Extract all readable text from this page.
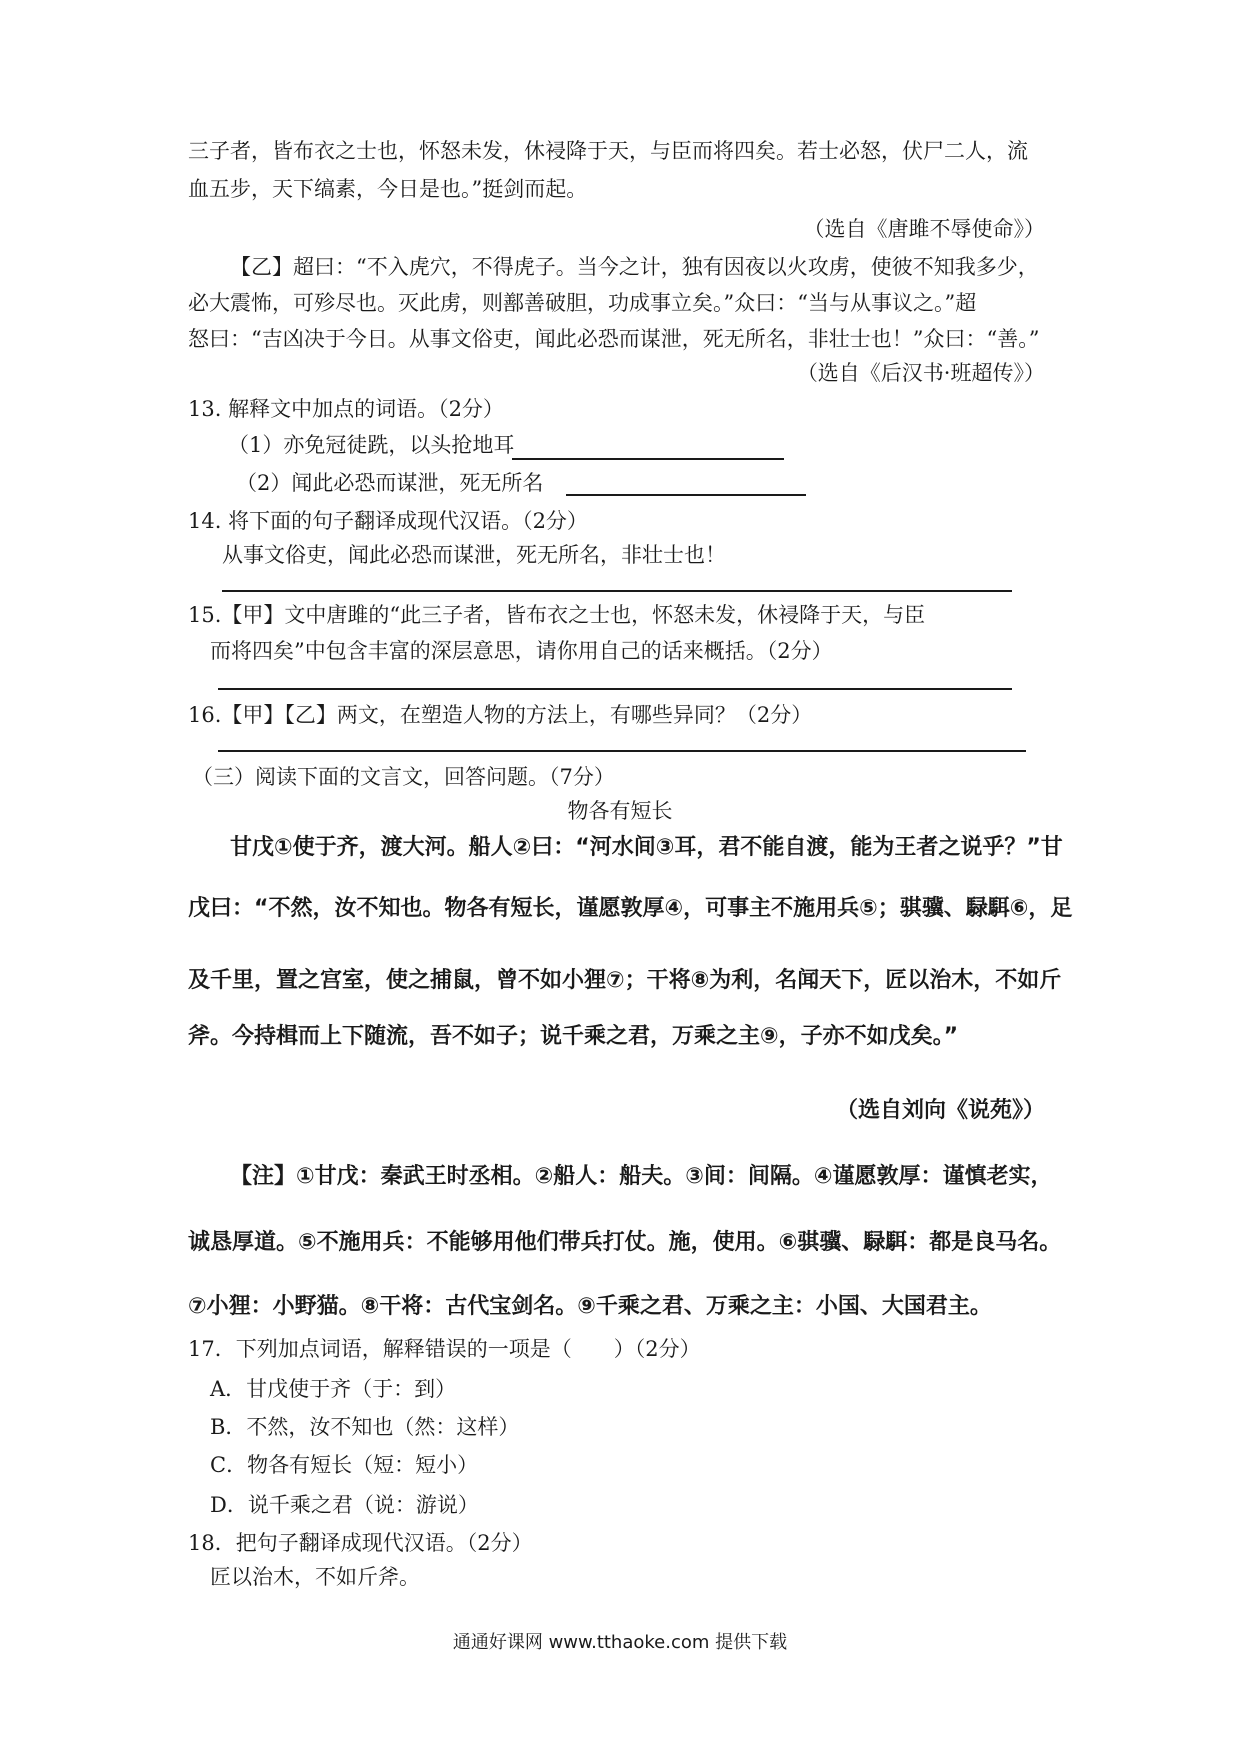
三子者，皆布衣之士也，怀怒未发，休祲降于天，与臣而将四矣。若士必怒，伏尸二人，流
血五步，天下缟素，今日是也。”挺剑而起。
（选自《唐雎不辱使命》）
【乙】超曰：“不入虎穴，不得虎子。当今之计，独有因夜以火攻虏，使彼不知我多少，
必大震怖，可殄尽也。灭此虏，则鄯善破胆，功成事立矣。”众曰：“当与从事议之。”超
怒曰：“吉凶决于今日。从事文俗吏，闻此必恐而谋泄，死无所名，非壮士也！”众曰：“善。”
（选自《后汉书·班超传》）
13. 解释文中加点的词语。（2分）
（1）亦免冠徒跣，以头抢地耳
（2）闻此必恐而谋泄，死无所名
14. 将下面的句子翻译成现代汉语。（2分）
从事文俗吏，闻此必恐而谋泄，死无所名，非壮士也！
15.【甲】文中唐雎的“此三子者，皆布衣之士也，怀怒未发，休祲降于天，与臣
而将四矣”中包含丰富的深层意思，请你用自己的话来概括。（2分）
16.【甲】【乙】两文，在塑造人物的方法上，有哪些异同？（2分）
（三）阅读下面的文言文，回答问题。（7分）
物各有短长
甘戊①使于齐，渡大河。船人②曰：“河水间③耳，君不能自渡，能为王者之说乎？”甘
戊曰：“不然，汝不知也。物各有短长，谨愿敦厚④，可事主不施用兵⑤；骐骥、騄駬⑥，足
及千里，置之宫室，使之捕鼠，曾不如小狸⑦；干将⑧为利，名闻天下，匠以治木，不如斤
斧。今持楫而上下随流，吾不如子；说千乘之君，万乘之主⑨，子亦不如戊矣。”
（选自刘向《说苑》）
【注】①甘戊：秦武王时丞相。②船人：船夫。③间：间隔。④谨愿敦厚：谨慎老实，
诚恳厚道。⑤不施用兵：不能够用他们带兵打仗。施，使用。⑥骐骥、騄駬：都是良马名。
⑦小狸：小野猫。⑧干将：古代宝剑名。⑨千乘之君、万乘之主：小国、大国君主。
17．下列加点词语，解释错误的一项是（　　）（2分）
A．甘戊使于齐（于：到）
B．不然，汝不知也（然：这样）
C．物各有短长（短：短小）
D．说千乘之君（说：游说）
18．把句子翻译成现代汉语。（2分）
匠以治木，不如斤斧。
通通好课网 www.tthaoke.com 提供下载
